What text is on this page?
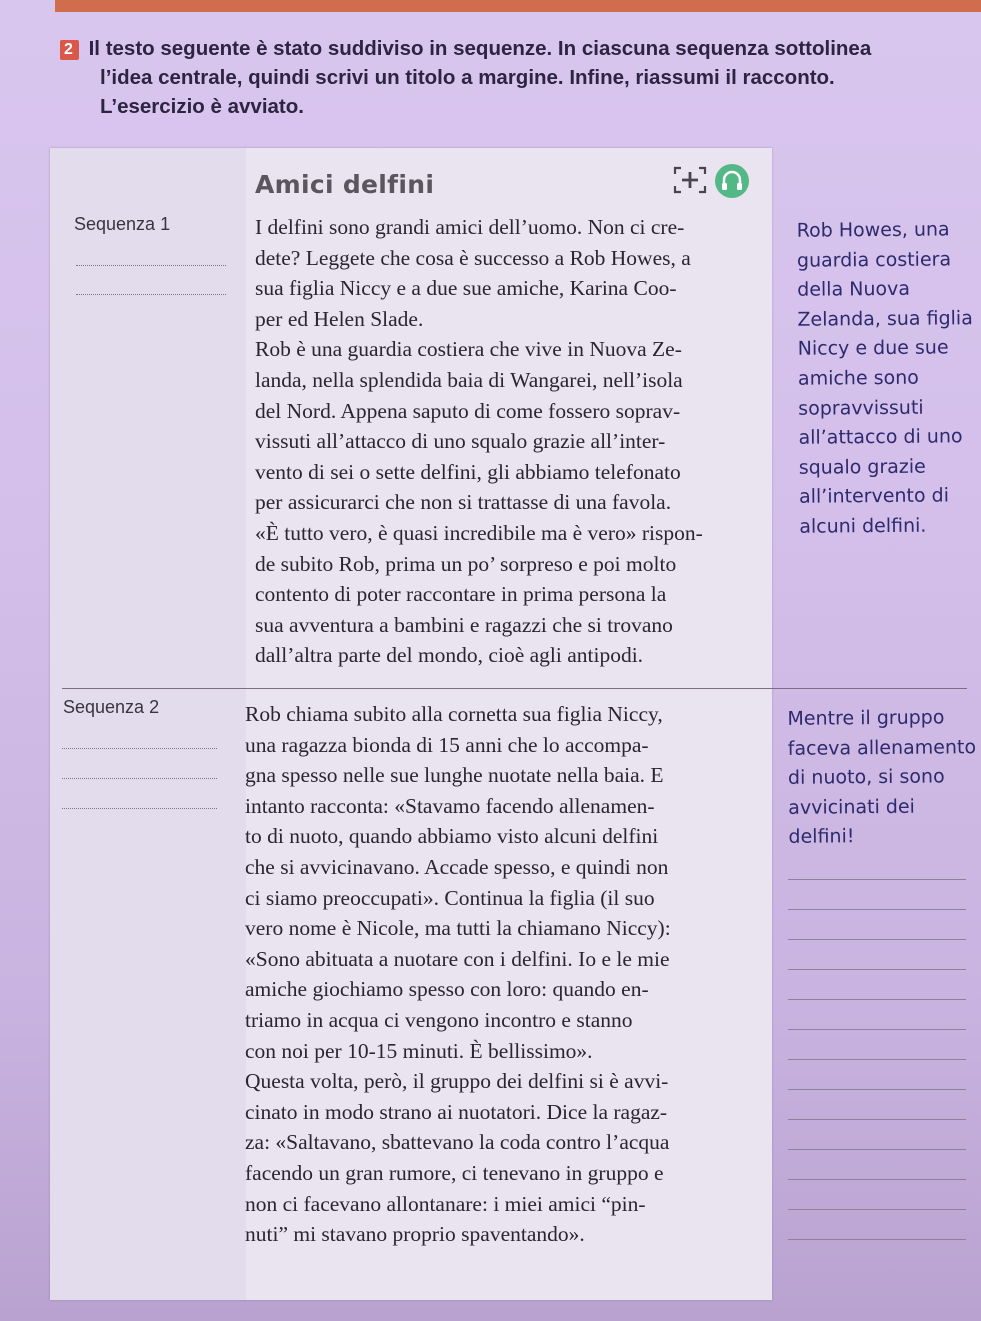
2 Il testo seguente è stato suddiviso in sequenze. In ciascuna sequenza sottolinea
l’idea centrale, quindi scrivi un titolo a margine. Infine, riassumi il racconto.
L’esercizio è avviato.
Amici delfini
Sequenza 1	I delfini sono grandi amici dell’uomo. Non ci cre-
dete? Leggete che cosa è successo a Rob Howes, a
sua figlia Niccy e a due sue amiche, Karina Coo-
per ed Helen Slade.
Rob è una guardia costiera che vive in Nuova Ze-
landa, nella splendida baia di Wangarei, nell’isola
del Nord. Appena saputo di come fossero soprav-
vissuti all’attacco di uno squalo grazie all’inter-
vento di sei o sette delfini, gli abbiamo telefonato
per assicurarci che non si trattasse di una favola.
«È tutto vero, è quasi incredibile ma è vero» rispon-
de subito Rob, prima un po’ sorpreso e poi molto
contento di poter raccontare in prima persona la
sua avventura a bambini e ragazzi che si trovano
dall’altra parte del mondo, cioè agli antipodi.
Rob Howes, una
guardia costiera
della Nuova
Zelanda, sua figlia
Niccy e due sue
amiche sono
sopravvissuti
all’attacco di uno
squalo grazie
all’intervento di
alcuni delfini.
Sequenza 2	Rob chiama subito alla cornetta sua figlia Niccy,
una ragazza bionda di 15 anni che lo accompa-
gna spesso nelle sue lunghe nuotate nella baia. E
intanto racconta: «Stavamo facendo allenamen-
to di nuoto, quando abbiamo visto alcuni delfini
che si avvicinavano. Accade spesso, e quindi non
ci siamo preoccupati». Continua la figlia (il suo
vero nome è Nicole, ma tutti la chiamano Niccy):
«Sono abituata a nuotare con i delfini. Io e le mie
amiche giochiamo spesso con loro: quando en-
triamo in acqua ci vengono incontro e stanno
con noi per 10-15 minuti. È bellissimo».
Questa volta, però, il gruppo dei delfini si è avvi-
cinato in modo strano ai nuotatori. Dice la ragaz-
za: «Saltavano, sbattevano la coda contro l’acqua
facendo un gran rumore, ci tenevano in gruppo e
non ci facevano allontanare: i miei amici “pin-
nuti” mi stavano proprio spaventando».
Mentre il gruppo
faceva allenamento
di nuoto, si sono
avvicinati dei
delfini!
